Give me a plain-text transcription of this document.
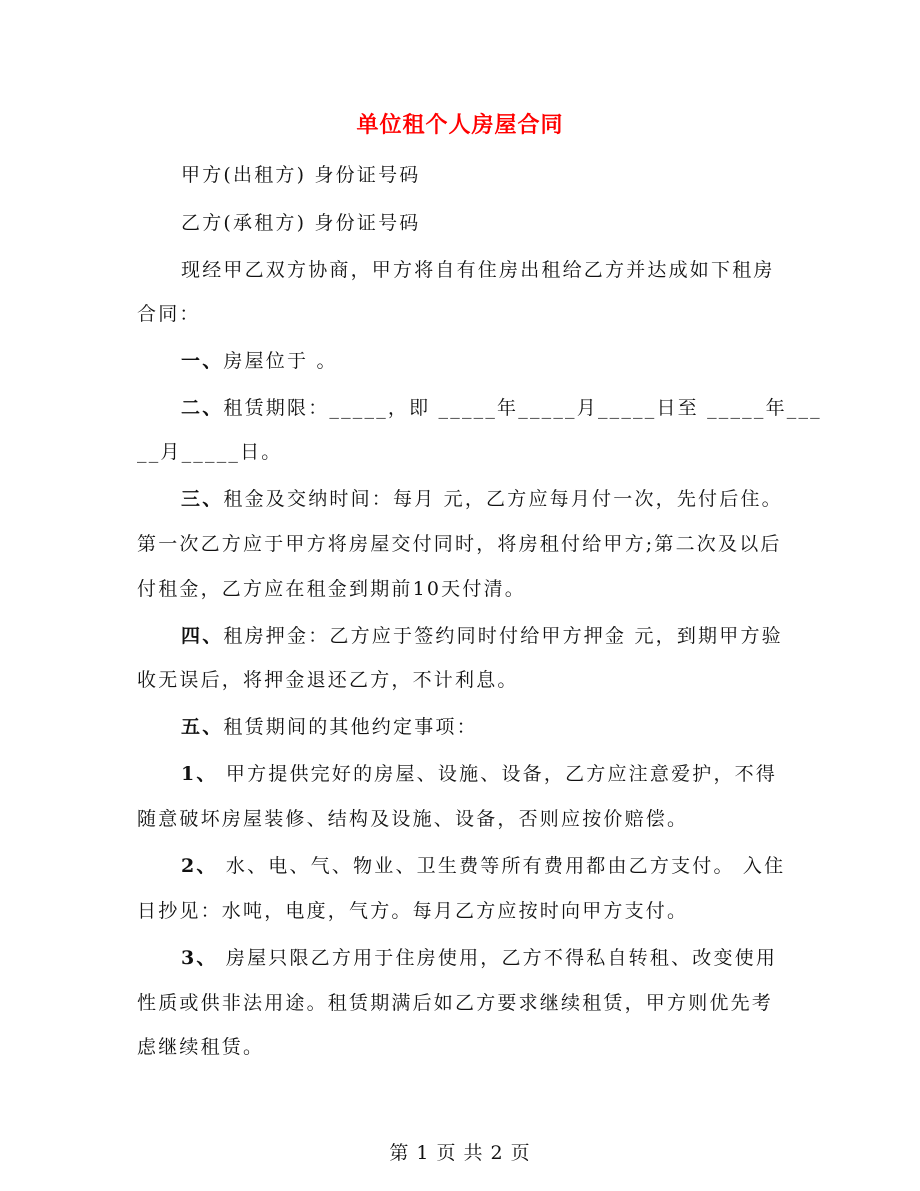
单位租个人房屋合同
甲方(出租方) 身份证号码
乙方(承租方) 身份证号码
现经甲乙双方协商，甲方将自有住房出租给乙方并达成如下租房
合同：
一、房屋位于 。
二、租赁期限：_____，即 _____年_____月_____日至 _____年___
__月_____日。
三、租金及交纳时间：每月 元，乙方应每月付一次，先付后住。
第一次乙方应于甲方将房屋交付同时，将房租付给甲方;第二次及以后
付租金，乙方应在租金到期前10天付清。
四、租房押金：乙方应于签约同时付给甲方押金 元，到期甲方验
收无误后，将押金退还乙方，不计利息。
五、租赁期间的其他约定事项：
1、 甲方提供完好的房屋、设施、设备，乙方应注意爱护，不得
随意破坏房屋装修、结构及设施、设备，否则应按价赔偿。
2、 水、电、气、物业、卫生费等所有费用都由乙方支付。 入住
日抄见：水吨，电度，气方。每月乙方应按时向甲方支付。
3、 房屋只限乙方用于住房使用，乙方不得私自转租、改变使用
性质或供非法用途。租赁期满后如乙方要求继续租赁，甲方则优先考
虑继续租赁。
第 1 页 共 2 页
